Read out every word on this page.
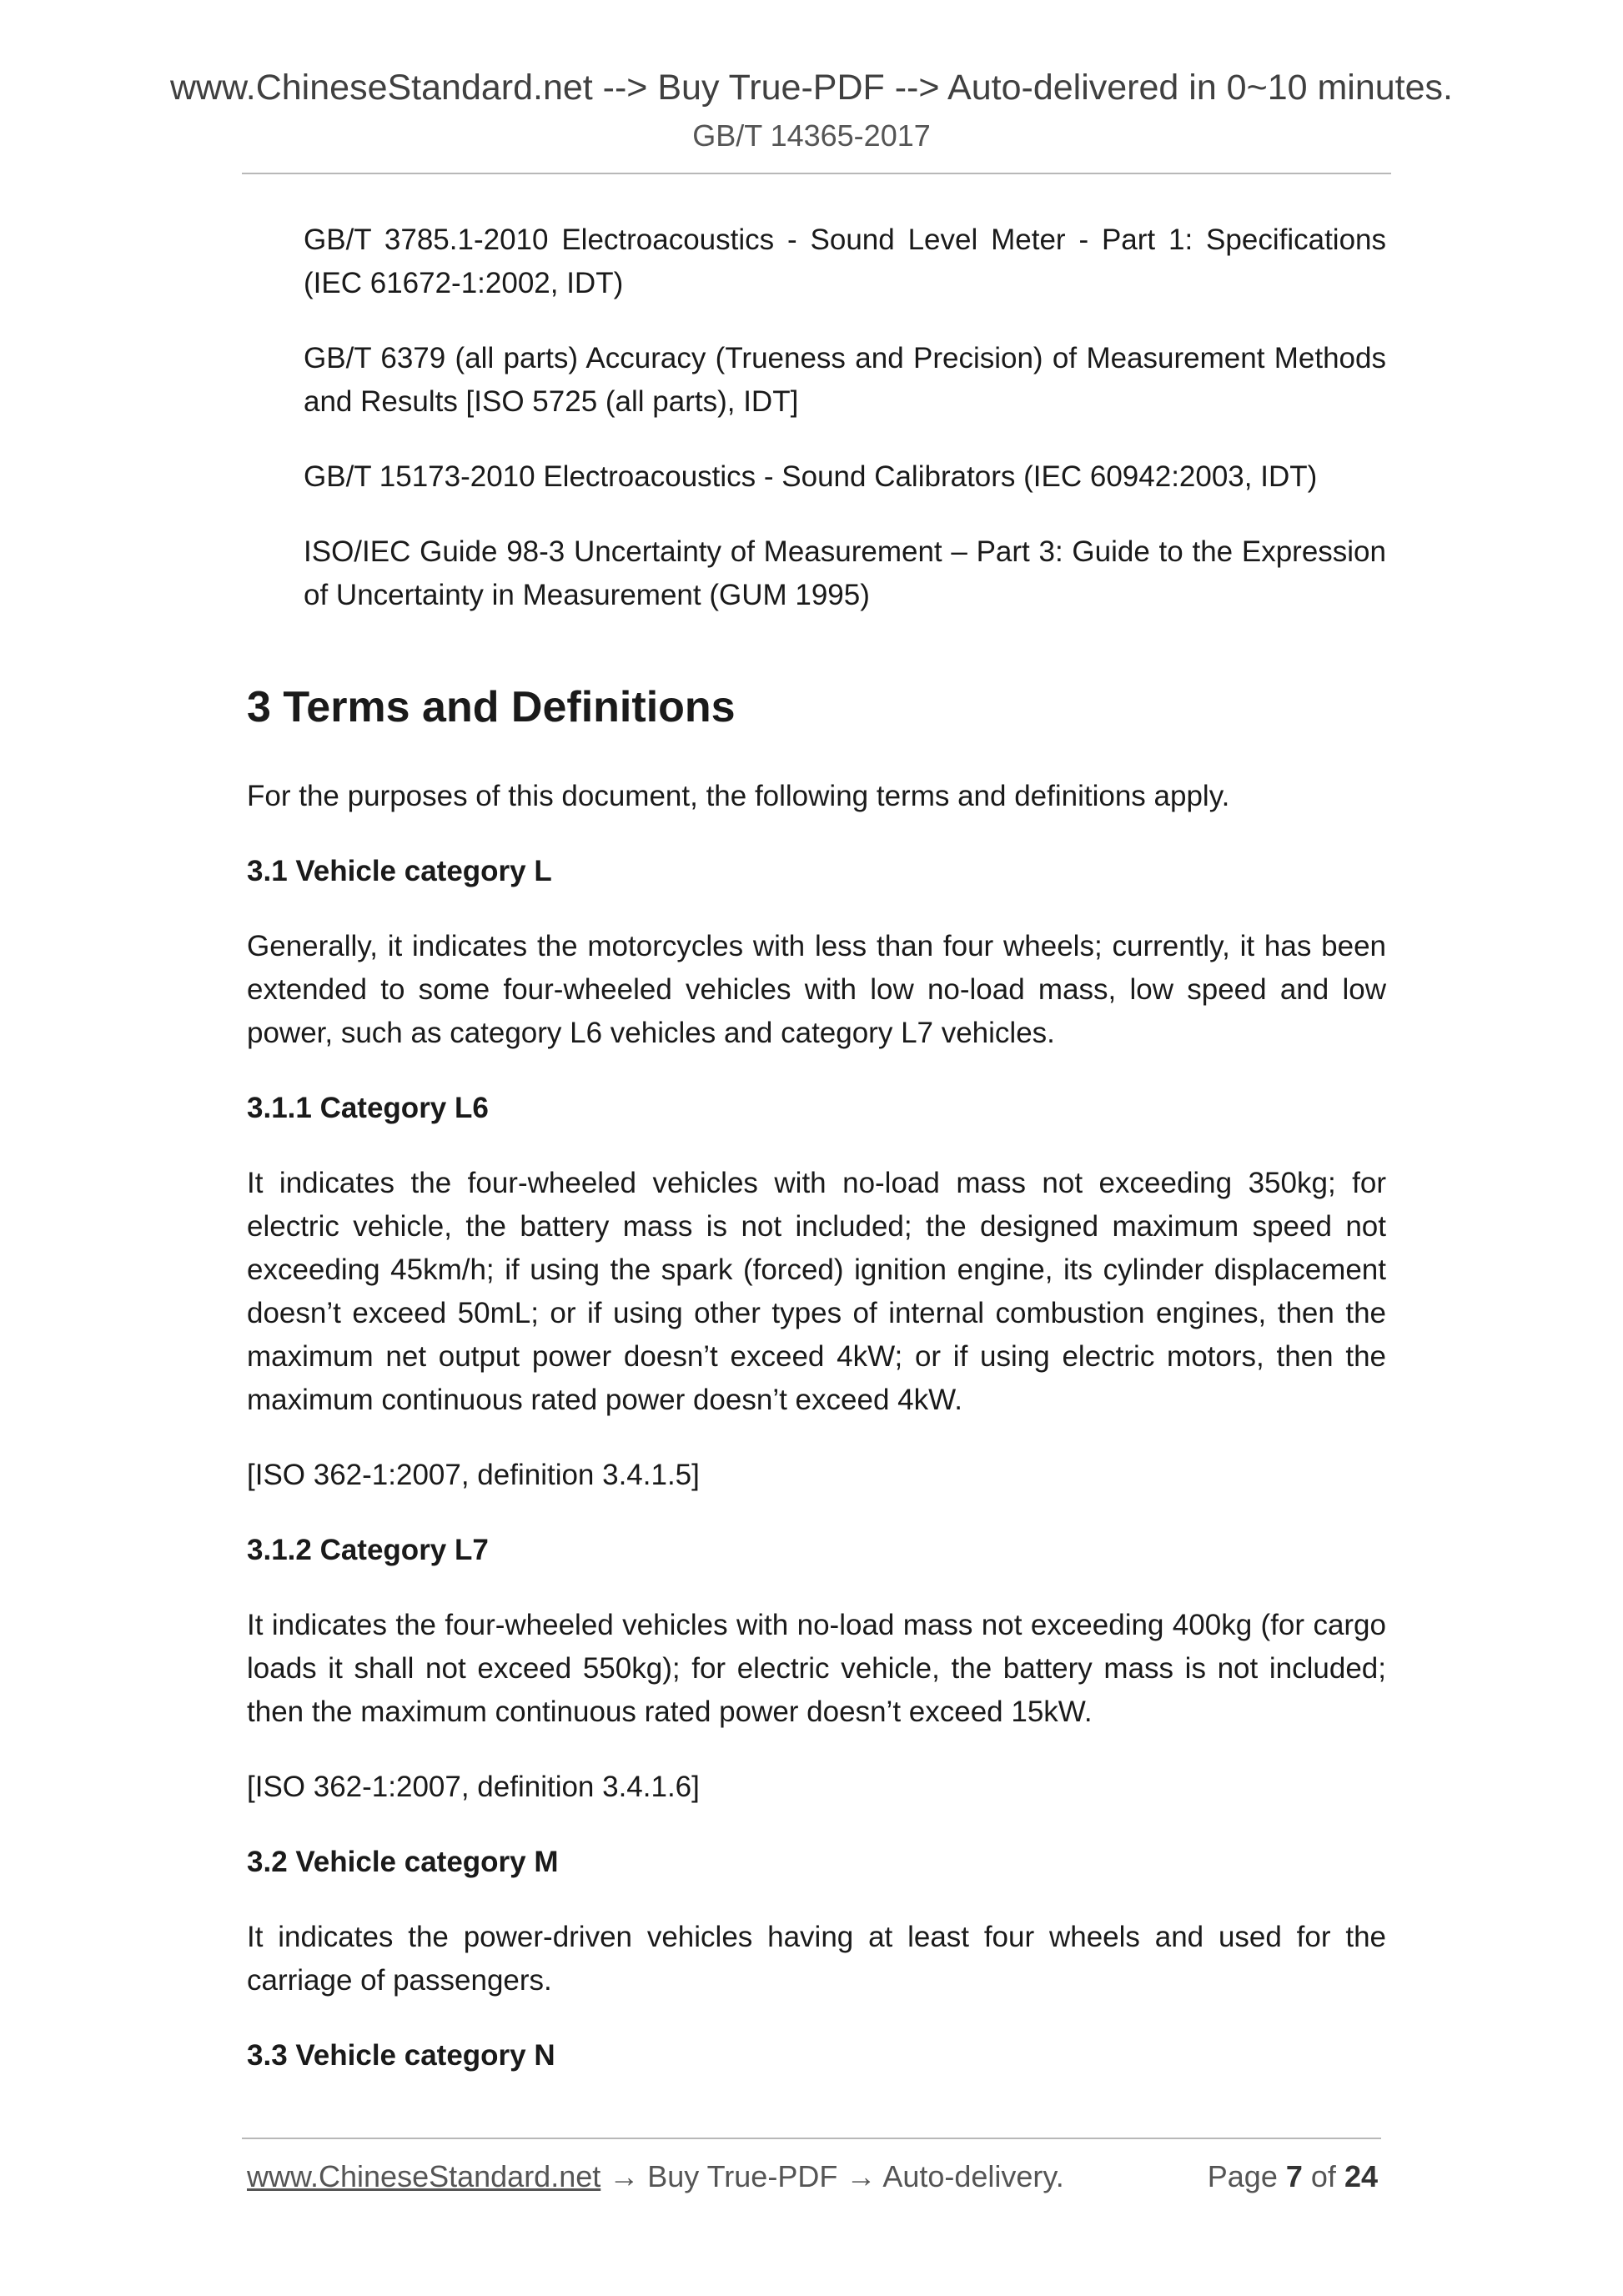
www.ChineseStandard.net --> Buy True-PDF --> Auto-delivered in 0~10 minutes.
GB/T 14365-2017

GB/T 3785.1-2010 Electroacoustics - Sound Level Meter - Part 1: Specifications (IEC 61672-1:2002, IDT)

GB/T 6379 (all parts) Accuracy (Trueness and Precision) of Measurement Methods and Results [ISO 5725 (all parts), IDT]

GB/T 15173-2010 Electroacoustics - Sound Calibrators (IEC 60942:2003, IDT)

ISO/IEC Guide 98-3 Uncertainty of Measurement – Part 3: Guide to the Expression of Uncertainty in Measurement (GUM 1995)

3 Terms and Definitions

For the purposes of this document, the following terms and definitions apply.

3.1 Vehicle category L

Generally, it indicates the motorcycles with less than four wheels; currently, it has been extended to some four-wheeled vehicles with low no-load mass, low speed and low power, such as category L6 vehicles and category L7 vehicles.

3.1.1 Category L6

It indicates the four-wheeled vehicles with no-load mass not exceeding 350kg; for electric vehicle, the battery mass is not included; the designed maximum speed not exceeding 45km/h; if using the spark (forced) ignition engine, its cylinder displacement doesn’t exceed 50mL; or if using other types of internal combustion engines, then the maximum net output power doesn’t exceed 4kW; or if using electric motors, then the maximum continuous rated power doesn’t exceed 4kW.

[ISO 362-1:2007, definition 3.4.1.5]

3.1.2 Category L7

It indicates the four-wheeled vehicles with no-load mass not exceeding 400kg (for cargo loads it shall not exceed 550kg); for electric vehicle, the battery mass is not included; then the maximum continuous rated power doesn’t exceed 15kW.

[ISO 362-1:2007, definition 3.4.1.6]

3.2 Vehicle category M

It indicates the power-driven vehicles having at least four wheels and used for the carriage of passengers.

3.3 Vehicle category N

www.ChineseStandard.net → Buy True-PDF → Auto-delivery.	Page 7 of 24
